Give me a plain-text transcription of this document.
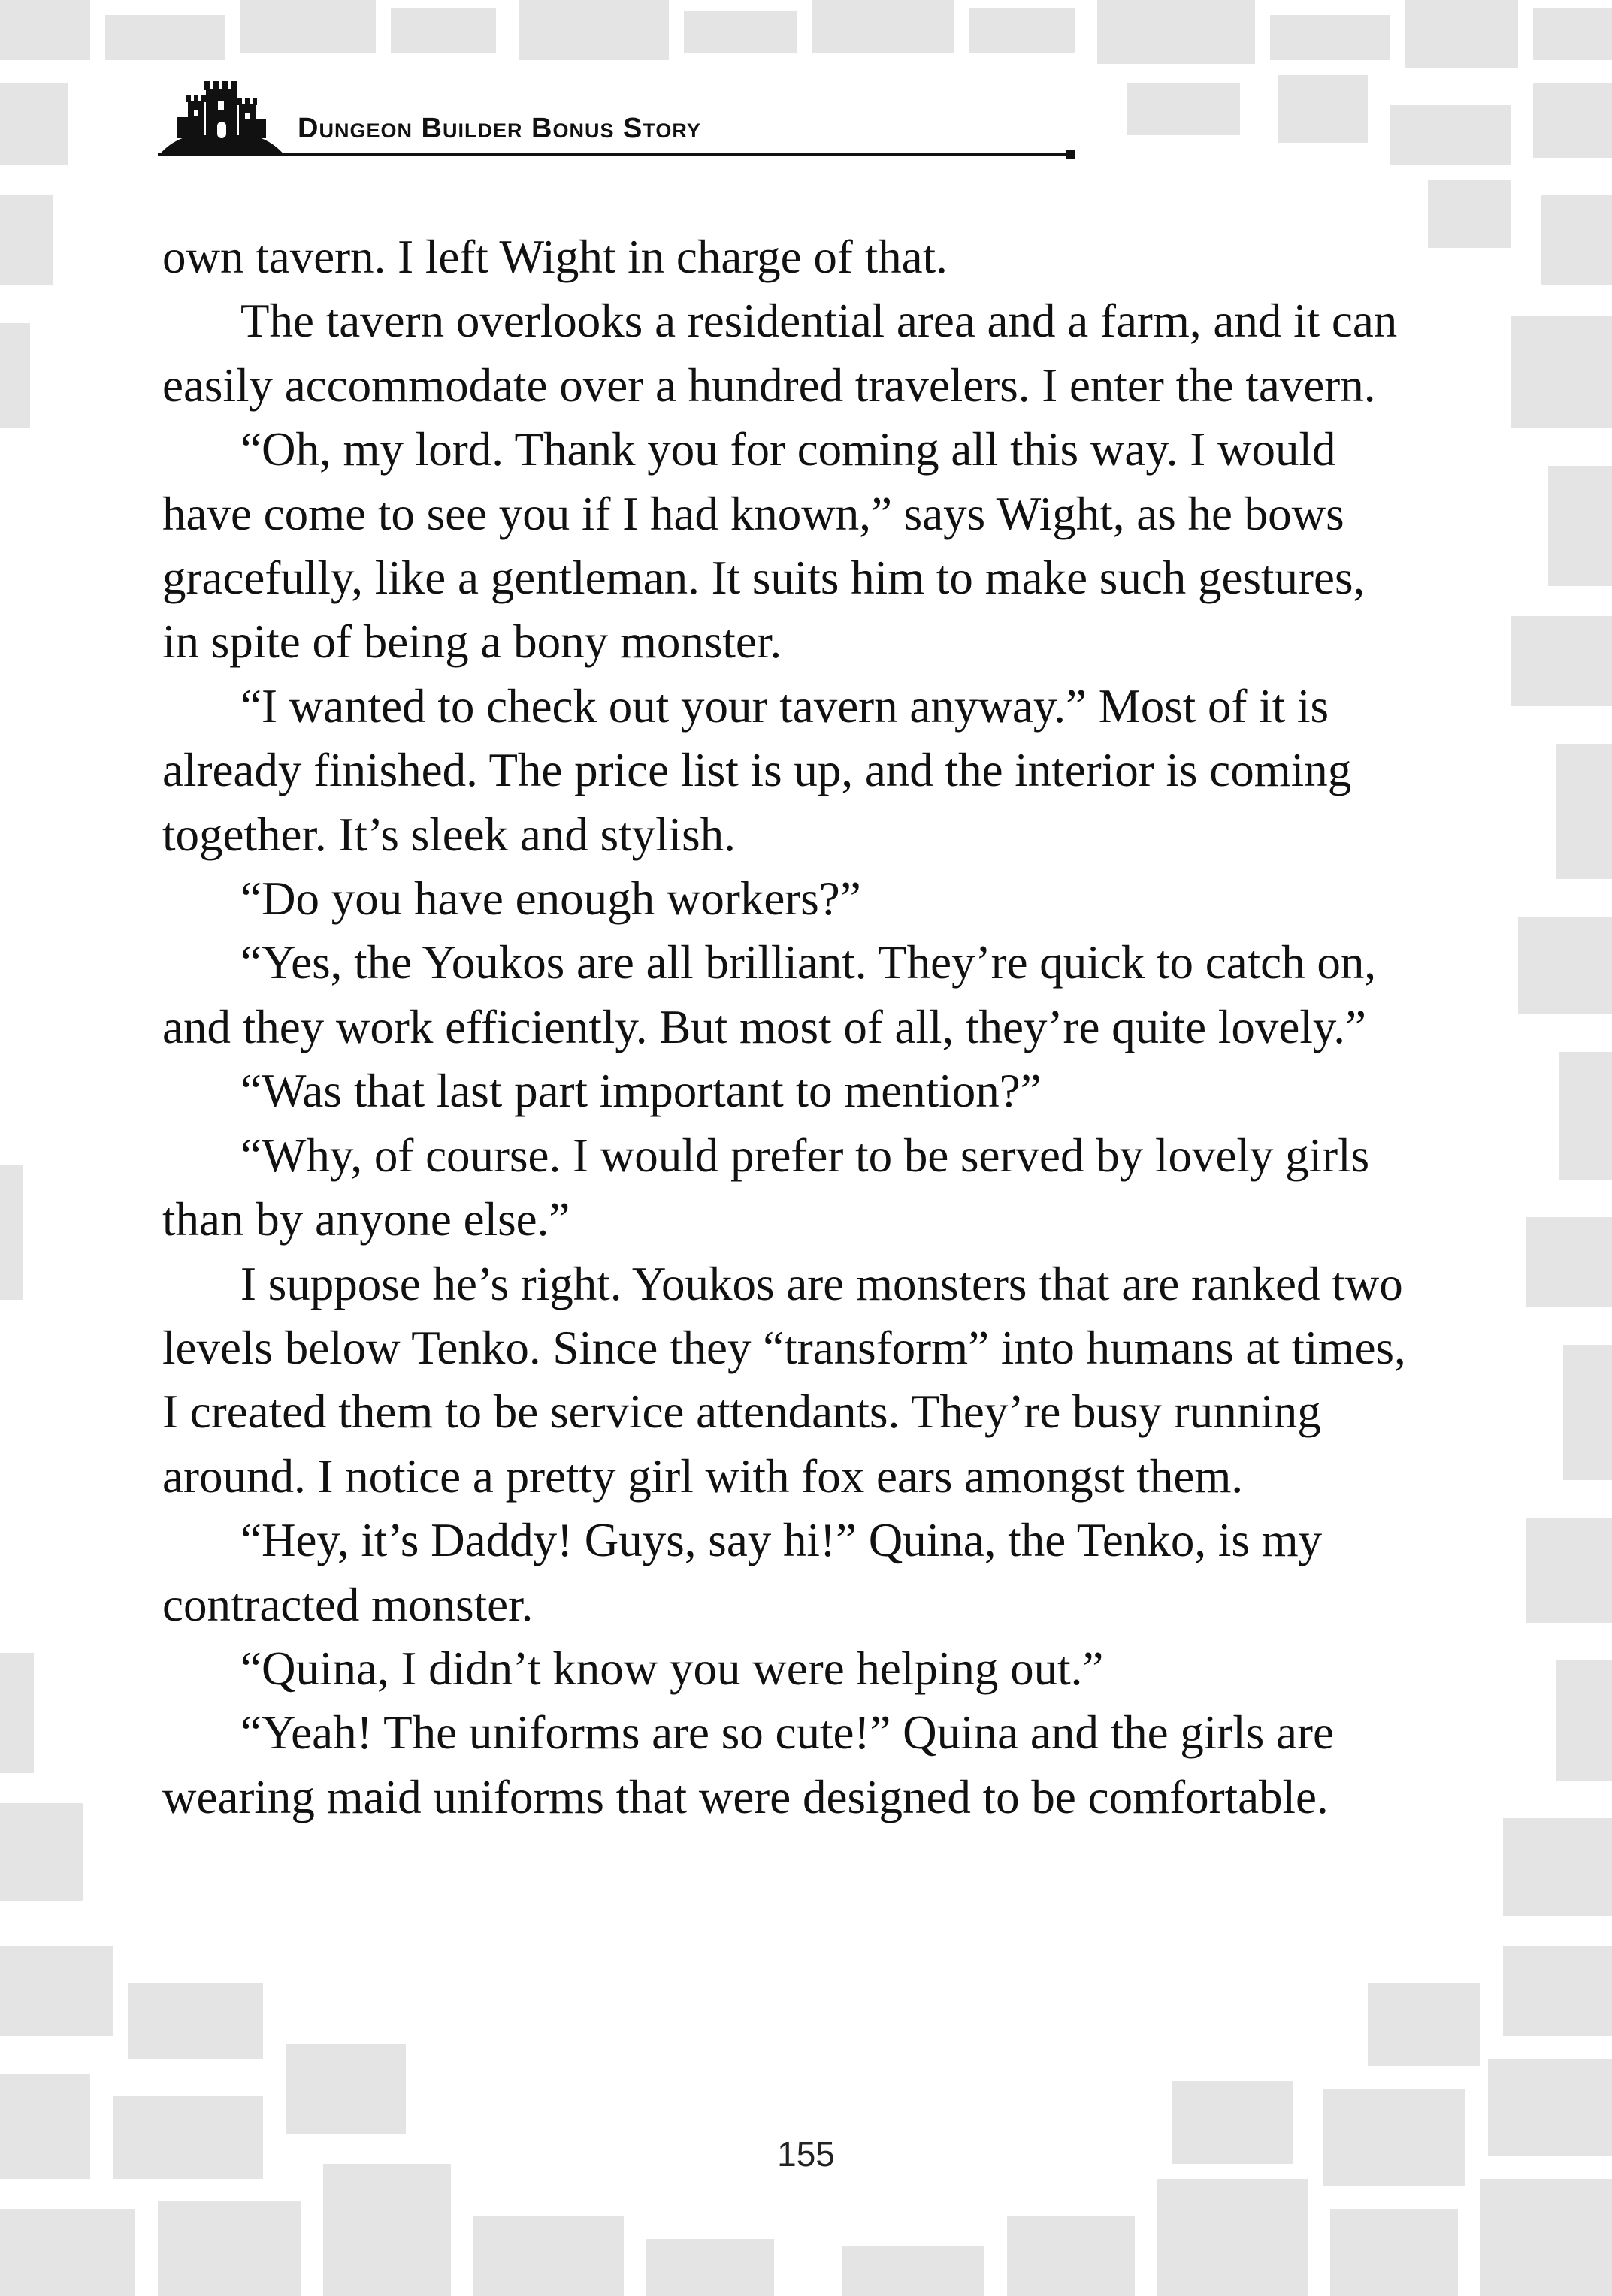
Dungeon Builder Bonus Story

own tavern. I left Wight in charge of that.

The tavern overlooks a residential area and a farm, and it can easily accommodate over a hundred travelers. I enter the tavern.

“Oh, my lord. Thank you for coming all this way. I would have come to see you if I had known,” says Wight, as he bows gracefully, like a gentleman. It suits him to make such gestures, in spite of being a bony monster.

“I wanted to check out your tavern anyway.” Most of it is already finished. The price list is up, and the interior is coming together. It’s sleek and stylish.

“Do you have enough workers?”

“Yes, the Youkos are all brilliant. They’re quick to catch on, and they work efficiently. But most of all, they’re quite lovely.”

“Was that last part important to mention?”

“Why, of course. I would prefer to be served by lovely girls than by anyone else.”

I suppose he’s right. Youkos are monsters that are ranked two levels below Tenko. Since they “transform” into humans at times, I created them to be service attendants. They’re busy running around. I notice a pretty girl with fox ears amongst them.

“Hey, it’s Daddy! Guys, say hi!” Quina, the Tenko, is my contracted monster.

“Quina, I didn’t know you were helping out.”

“Yeah! The uniforms are so cute!” Quina and the girls are wearing maid uniforms that were designed to be comfortable.

155
